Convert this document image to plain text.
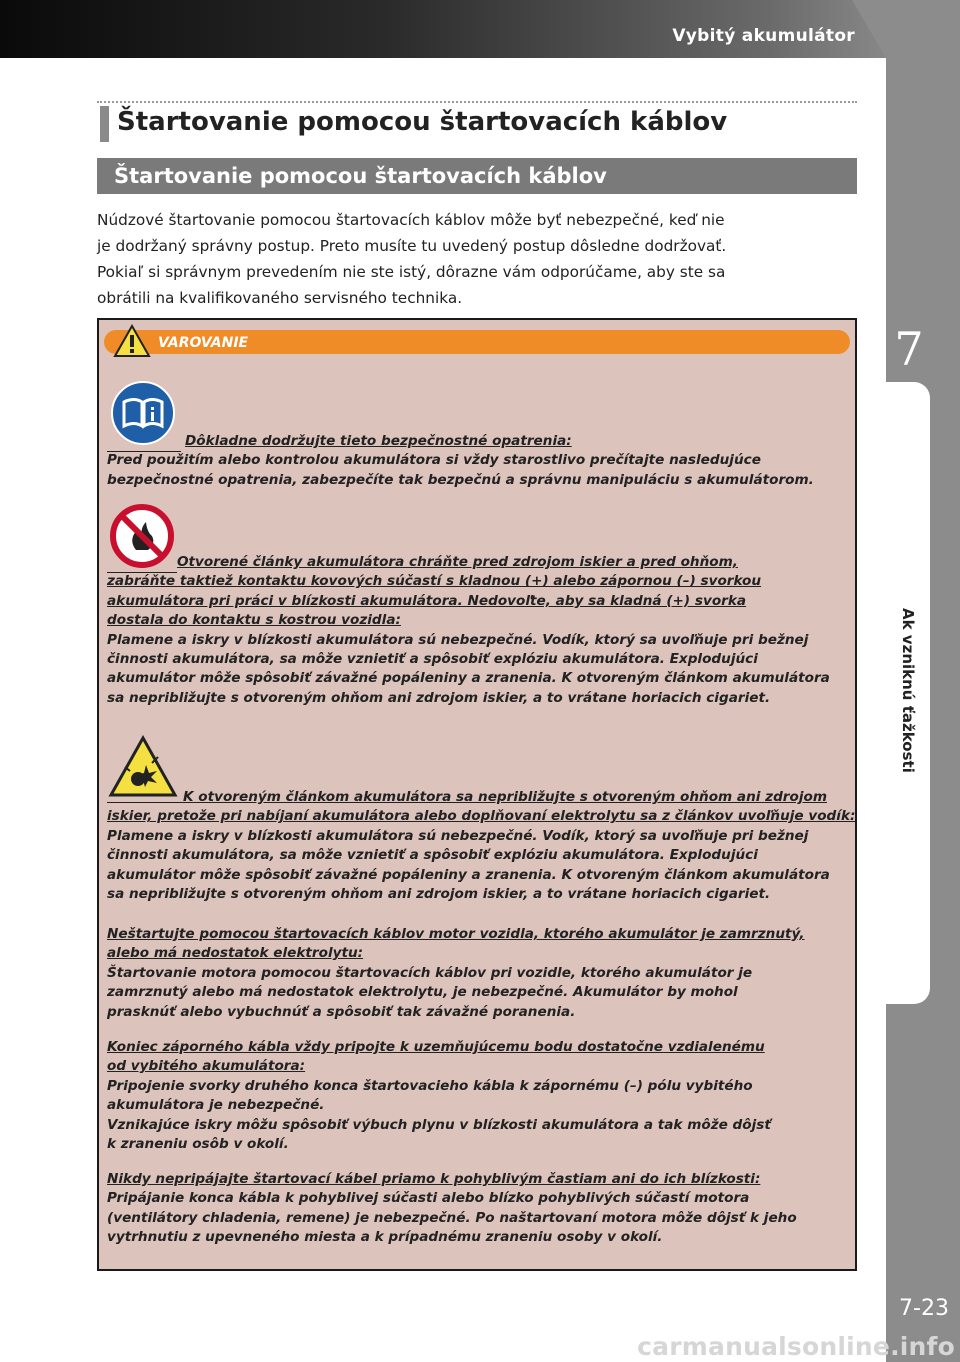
Vybitý akumulátor
7
Ak vzniknú ťažkosti
7-23
carmanualsonline.info
Štartovanie pomocou štartovacích káblov
Štartovanie pomocou štartovacích káblov

Núdzové štartovanie pomocou štartovacích káblov môže byť nebezpečné, keď nie

je dodržaný správny postup. Preto musíte tu uvedený postup dôsledne dodržovať.

Pokiaľ si správnym prevedením nie ste istý, dôrazne vám odporúčame, aby ste sa

obrátili na kvalifikovaného servisného technika.

VAROVANIE
Dôkladne dodržujte tieto bezpečnostné opatrenia:
Pred použitím alebo kontrolou akumulátora si vždy starostlivo prečítajte nasledujúce
bezpečnostné opatrenia, zabezpečíte tak bezpečnú a správnu manipuláciu s akumulátorom.
Otvorené články akumulátora chráňte pred zdrojom iskier a pred ohňom,
zabráňte taktiež kontaktu kovových súčastí s kladnou (+) alebo zápornou (–) svorkou
akumulátora pri práci v blízkosti akumulátora. Nedovoľte, aby sa kladná (+) svorka
dostala do kontaktu s kostrou vozidla:
Plamene a iskry v blízkosti akumulátora sú nebezpečné. Vodík, ktorý sa uvoľňuje pri bežnej
činnosti akumulátora, sa môže vznietiť a spôsobiť explóziu akumulátora. Explodujúci
akumulátor môže spôsobiť závažné popáleniny a zranenia. K otvoreným článkom akumulátora
sa nepribližujte s otvoreným ohňom ani zdrojom iskier, a to vrátane horiacich cigariet.
K otvoreným článkom akumulátora sa nepribližujte s otvoreným ohňom ani zdrojom
iskier, pretože pri nabíjaní akumulátora alebo doplňovaní elektrolytu sa z článkov uvoľňuje vodík:
Plamene a iskry v blízkosti akumulátora sú nebezpečné. Vodík, ktorý sa uvoľňuje pri bežnej
činnosti akumulátora, sa môže vznietiť a spôsobiť explóziu akumulátora. Explodujúci
akumulátor môže spôsobiť závažné popáleniny a zranenia. K otvoreným článkom akumulátora
sa nepribližujte s otvoreným ohňom ani zdrojom iskier, a to vrátane horiacich cigariet.
Neštartujte pomocou štartovacích káblov motor vozidla, ktorého akumulátor je zamrznutý,
alebo má nedostatok elektrolytu:
Štartovanie motora pomocou štartovacích káblov pri vozidle, ktorého akumulátor je
zamrznutý alebo má nedostatok elektrolytu, je nebezpečné. Akumulátor by mohol
prasknúť alebo vybuchnúť a spôsobiť tak závažné poranenia.
Koniec záporného kábla vždy pripojte k uzemňujúcemu bodu dostatočne vzdialenému
od vybitého akumulátora:
Pripojenie svorky druhého konca štartovacieho kábla k zápornému (–) pólu vybitého
akumulátora je nebezpečné.
Vznikajúce iskry môžu spôsobiť výbuch plynu v blízkosti akumulátora a tak môže dôjsť
k zraneniu osôb v okolí.
Nikdy nepripájajte štartovací kábel priamo k pohyblivým častiam ani do ich blízkosti:
Pripájanie konca kábla k pohyblivej súčasti alebo blízko pohyblivých súčastí motora
(ventilátory chladenia, remene) je nebezpečné. Po naštartovaní motora môže dôjsť k jeho
vytrhnutiu z upevneného miesta a k prípadnému zraneniu osoby v okolí.
